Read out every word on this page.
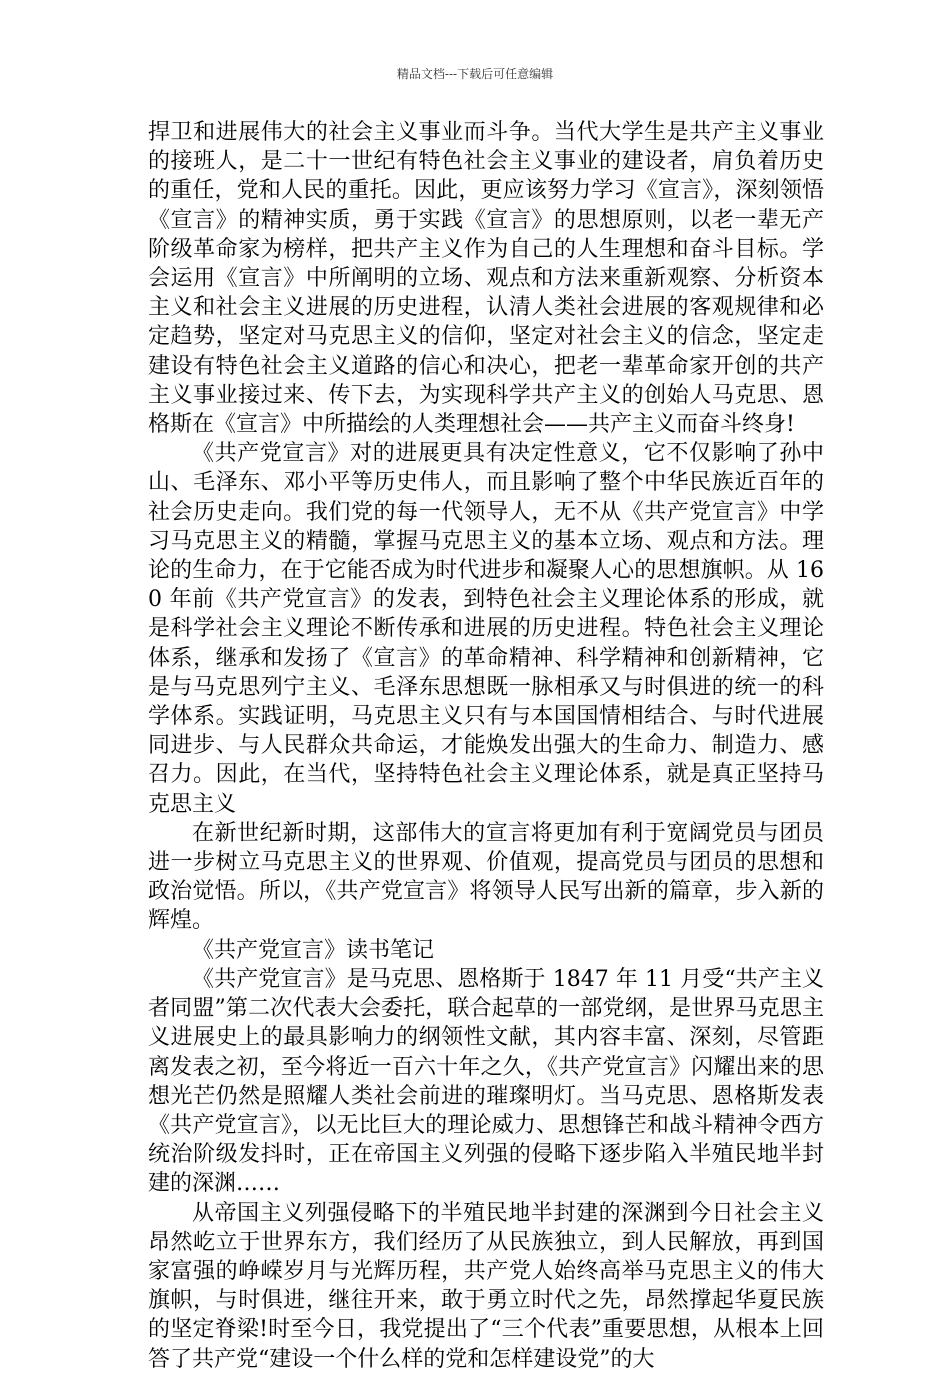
精品文档---下载后可任意编辑

捍卫和进展伟大的社会主义事业而斗争。当代大学生是共产主义事业的接班人，是二十一世纪有特色社会主义事业的建设者，肩负着历史的重任，党和人民的重托。因此，更应该努力学习《宣言》，深刻领悟《宣言》的精神实质，勇于实践《宣言》的思想原则，以老一辈无产阶级革命家为榜样，把共产主义作为自己的人生理想和奋斗目标。学会运用《宣言》中所阐明的立场、观点和方法来重新观察、分析资本主义和社会主义进展的历史进程，认清人类社会进展的客观规律和必定趋势，坚定对马克思主义的信仰，坚定对社会主义的信念，坚定走建设有特色社会主义道路的信心和决心，把老一辈革命家开创的共产主义事业接过来、传下去，为实现科学共产主义的创始人马克思、恩格斯在《宣言》中所描绘的人类理想社会——共产主义而奋斗终身!

《共产党宣言》对的进展更具有决定性意义，它不仅影响了孙中山、毛泽东、邓小平等历史伟人，而且影响了整个中华民族近百年的社会历史走向。我们党的每一代领导人，无不从《共产党宣言》中学习马克思主义的精髓，掌握马克思主义的基本立场、观点和方法。理论的生命力，在于它能否成为时代进步和凝聚人心的思想旗帜。从 160 年前《共产党宣言》的发表，到特色社会主义理论体系的形成，就是科学社会主义理论不断传承和进展的历史进程。特色社会主义理论体系，继承和发扬了《宣言》的革命精神、科学精神和创新精神，它是与马克思列宁主义、毛泽东思想既一脉相承又与时俱进的统一的科学体系。实践证明，马克思主义只有与本国国情相结合、与时代进展同进步、与人民群众共命运，才能焕发出强大的生命力、制造力、感召力。因此，在当代，坚持特色社会主义理论体系，就是真正坚持马克思主义

在新世纪新时期，这部伟大的宣言将更加有利于宽阔党员与团员进一步树立马克思主义的世界观、价值观，提高党员与团员的思想和政治觉悟。所以，《共产党宣言》将领导人民写出新的篇章，步入新的辉煌。

《共产党宣言》读书笔记

《共产党宣言》是马克思、恩格斯于 1847 年 11 月受“共产主义者同盟”第二次代表大会委托，联合起草的一部党纲，是世界马克思主义进展史上的最具影响力的纲领性文献，其内容丰富、深刻，尽管距离发表之初，至今将近一百六十年之久，《共产党宣言》闪耀出来的思想光芒仍然是照耀人类社会前进的璀璨明灯。当马克思、恩格斯发表《共产党宣言》，以无比巨大的理论威力、思想锋芒和战斗精神令西方统治阶级发抖时，正在帝国主义列强的侵略下逐步陷入半殖民地半封建的深渊……

从帝国主义列强侵略下的半殖民地半封建的深渊到今日社会主义昂然屹立于世界东方，我们经历了从民族独立，到人民解放，再到国家富强的峥嵘岁月与光辉历程，共产党人始终高举马克思主义的伟大旗帜，与时俱进，继往开来，敢于勇立时代之先，昂然撑起华夏民族的坚定脊梁!时至今日，我党提出了“三个代表”重要思想，从根本上回答了共产党“建设一个什么样的党和怎样建设党”的大
